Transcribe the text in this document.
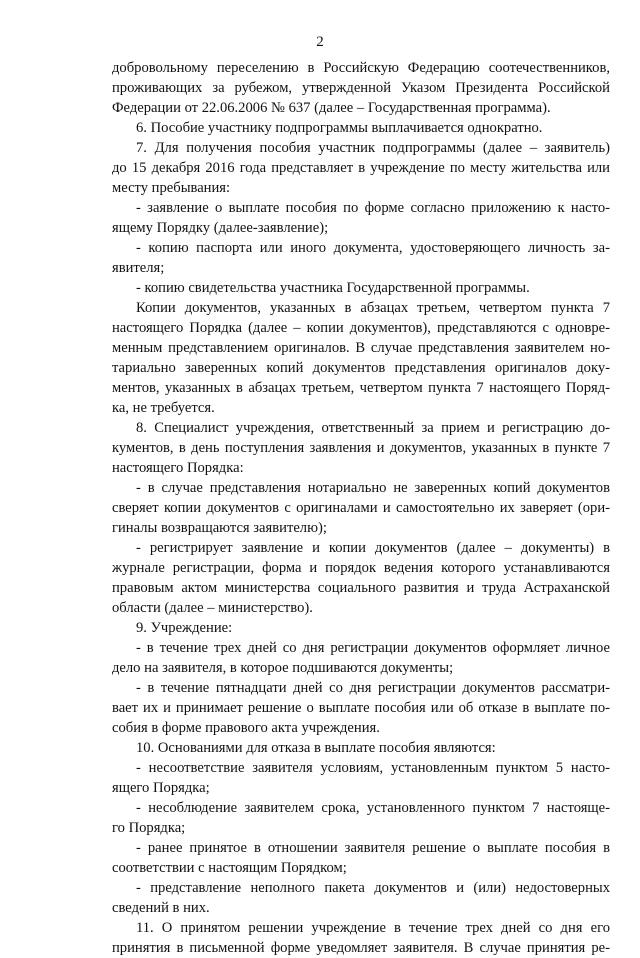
2
добровольному переселению в Российскую Федерацию соотечественников,
проживающих за рубежом, утвержденной Указом Президента Российской
Федерации от 22.06.2006 № 637 (далее – Государственная программа).
6. Пособие участнику подпрограммы выплачивается однократно.
7. Для получения пособия участник подпрограммы (далее – заявитель)
до 15 декабря 2016 года представляет в учреждение по месту жительства или
месту пребывания:
- заявление о выплате пособия по форме согласно приложению к насто-
ящему Порядку (далее-заявление);
- копию паспорта или иного документа, удостоверяющего личность за-
явителя;
- копию свидетельства участника Государственной программы.
Копии документов, указанных в абзацах третьем, четвертом пункта 7
настоящего Порядка (далее – копии документов), представляются с одновре-
менным представлением оригиналов. В случае представления заявителем но-
тариально заверенных копий документов представления оригиналов доку-
ментов, указанных в абзацах третьем, четвертом пункта 7 настоящего Поряд-
ка, не требуется.
8. Специалист учреждения, ответственный за прием и регистрацию до-
кументов, в день поступления заявления и документов, указанных в пункте 7
настоящего Порядка:
- в случае представления нотариально не заверенных копий документов
сверяет копии документов с оригиналами и самостоятельно их заверяет (ори-
гиналы возвращаются заявителю);
- регистрирует заявление и копии документов (далее – документы) в
журнале регистрации, форма и порядок ведения которого устанавливаются
правовым актом министерства социального развития и труда Астраханской
области (далее – министерство).
9. Учреждение:
- в течение трех дней со дня регистрации документов оформляет личное
дело на заявителя, в которое подшиваются документы;
- в течение пятнадцати дней со дня регистрации документов рассматри-
вает их и принимает решение о выплате пособия или об отказе в выплате по-
собия в форме правового акта учреждения.
10. Основаниями для отказа в выплате пособия являются:
- несоответствие заявителя условиям, установленным пунктом 5 насто-
ящего Порядка;
- несоблюдение заявителем срока, установленного пунктом 7 настояще-
го Порядка;
- ранее принятое в отношении заявителя решение о выплате пособия в
соответствии с настоящим Порядком;
- представление неполного пакета документов и (или) недостоверных
сведений в них.
11. О принятом решении учреждение в течение трех дней со дня его
принятия в письменной форме уведомляет заявителя. В случае принятия ре-
